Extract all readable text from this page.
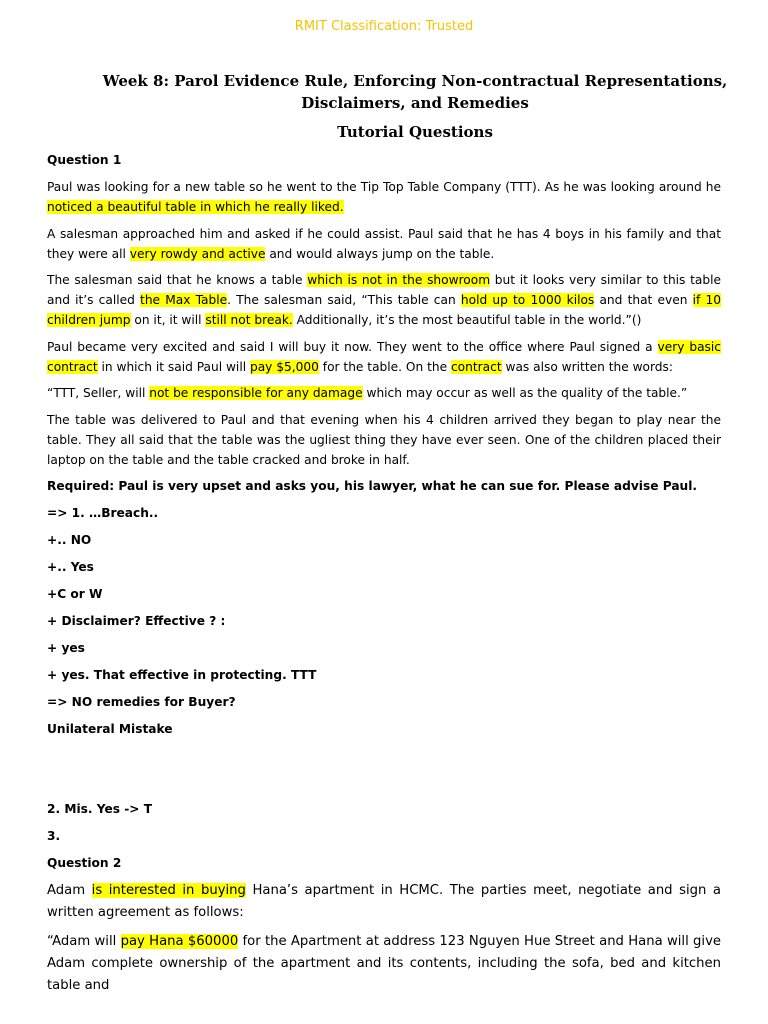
RMIT Classification: Trusted
Week 8: Parol Evidence Rule, Enforcing Non-contractual Representations, Disclaimers, and Remedies
Tutorial Questions

Question 1

Paul was looking for a new table so he went to the Tip Top Table Company (TTT). As he was looking around he noticed a beautiful table in which he really liked.

A salesman approached him and asked if he could assist. Paul said that he has 4 boys in his family and that they were all very rowdy and active and would always jump on the table.

The salesman said that he knows a table which is not in the showroom but it looks very similar to this table and it’s called the Max Table. The salesman said, “This table can hold up to 1000 kilos and that even if 10 children jump on it, it will still not break. Additionally, it’s the most beautiful table in the world.”()

Paul became very excited and said I will buy it now. They went to the office where Paul signed a very basic contract in which it said Paul will pay $5,000 for the table. On the contract was also written the words:

“TTT, Seller, will not be responsible for any damage which may occur as well as the quality of the table.”

The table was delivered to Paul and that evening when his 4 children arrived they began to play near the table. They all said that the table was the ugliest thing they have ever seen. One of the children placed their laptop on the table and the table cracked and broke in half.

Required: Paul is very upset and asks you, his lawyer, what he can sue for. Please advise Paul.

=> 1. …Breach..

+.. NO

+.. Yes

+C or W

+ Disclaimer? Effective ? :

+ yes

+ yes. That effective in protecting. TTT

=> NO remedies for Buyer?

Unilateral Mistake

2. Mis. Yes -> T

3.

Question 2

Adam is interested in buying Hana’s apartment in HCMC. The parties meet, negotiate and sign a written agreement as follows:

“Adam will pay Hana $60000 for the Apartment at address 123 Nguyen Hue Street and Hana will give Adam complete ownership of the apartment and its contents, including the sofa, bed and kitchen table and
